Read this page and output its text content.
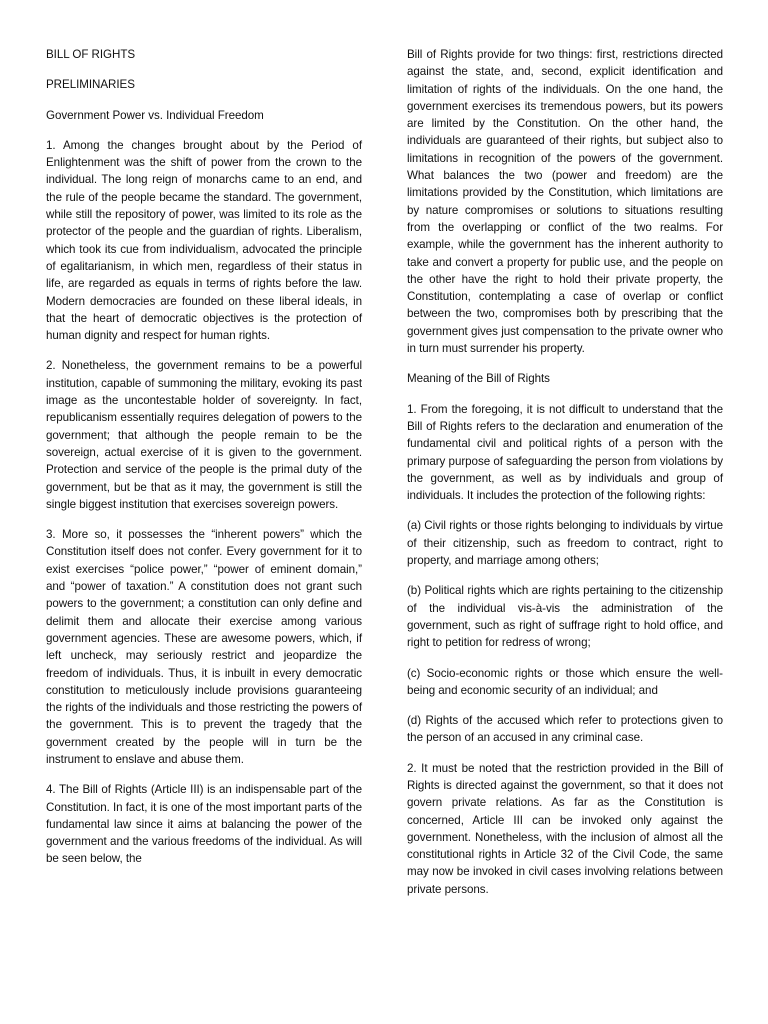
BILL OF RIGHTS

PRELIMINARIES

Government Power vs. Individual Freedom

1. Among the changes brought about by the Period of Enlightenment was the shift of power from the crown to the individual. The long reign of monarchs came to an end, and the rule of the people became the standard. The government, while still the repository of power, was limited to its role as the protector of the people and the guardian of rights. Liberalism, which took its cue from individualism, advocated the principle of egalitarianism, in which men, regardless of their status in life, are regarded as equals in terms of rights before the law. Modern democracies are founded on these liberal ideals, in that the heart of democratic objectives is the protection of human dignity and respect for human rights.

2. Nonetheless, the government remains to be a powerful institution, capable of summoning the military, evoking its past image as the uncontestable holder of sovereignty. In fact, republicanism essentially requires delegation of powers to the government; that although the people remain to be the sovereign, actual exercise of it is given to the government. Protection and service of the people is the primal duty of the government, but be that as it may, the government is still the single biggest institution that exercises sovereign powers.

3. More so, it possesses the “inherent powers” which the Constitution itself does not confer. Every government for it to exist exercises “police power,” “power of eminent domain,” and “power of taxation.” A constitution does not grant such powers to the government; a constitution can only define and delimit them and allocate their exercise among various government agencies. These are awesome powers, which, if left uncheck, may seriously restrict and jeopardize the freedom of individuals. Thus, it is inbuilt in every democratic constitution to meticulously include provisions guaranteeing the rights of the individuals and those restricting the powers of the government. This is to prevent the tragedy that the government created by the people will in turn be the instrument to enslave and abuse them.

4. The Bill of Rights (Article III) is an indispensable part of the Constitution. In fact, it is one of the most important parts of the fundamental law since it aims at balancing the power of the government and the various freedoms of the individual. As will be seen below, the

Bill of Rights provide for two things: first, restrictions directed against the state, and, second, explicit identification and limitation of rights of the individuals. On the one hand, the government exercises its tremendous powers, but its powers are limited by the Constitution. On the other hand, the individuals are guaranteed of their rights, but subject also to limitations in recognition of the powers of the government. What balances the two (power and freedom) are the limitations provided by the Constitution, which limitations are by nature compromises or solutions to situations resulting from the overlapping or conflict of the two realms. For example, while the government has the inherent authority to take and convert a property for public use, and the people on the other have the right to hold their private property, the Constitution, contemplating a case of overlap or conflict between the two, compromises both by prescribing that the government gives just compensation to the private owner who in turn must surrender his property.

Meaning of the Bill of Rights

1. From the foregoing, it is not difficult to understand that the Bill of Rights refers to the declaration and enumeration of the fundamental civil and political rights of a person with the primary purpose of safeguarding the person from violations by the government, as well as by individuals and group of individuals. It includes the protection of the following rights:

(a) Civil rights or those rights belonging to individuals by virtue of their citizenship, such as freedom to contract, right to property, and marriage among others;

(b) Political rights which are rights pertaining to the citizenship of the individual vis-à-vis the administration of the government, such as right of suffrage right to hold office, and right to petition for redress of wrong;

(c) Socio-economic rights or those which ensure the well-being and economic security of an individual; and

(d) Rights of the accused which refer to protections given to the person of an accused in any criminal case.

2. It must be noted that the restriction provided in the Bill of Rights is directed against the government, so that it does not govern private relations. As far as the Constitution is concerned, Article III can be invoked only against the government. Nonetheless, with the inclusion of almost all the constitutional rights in Article 32 of the Civil Code, the same may now be invoked in civil cases involving relations between private persons.
